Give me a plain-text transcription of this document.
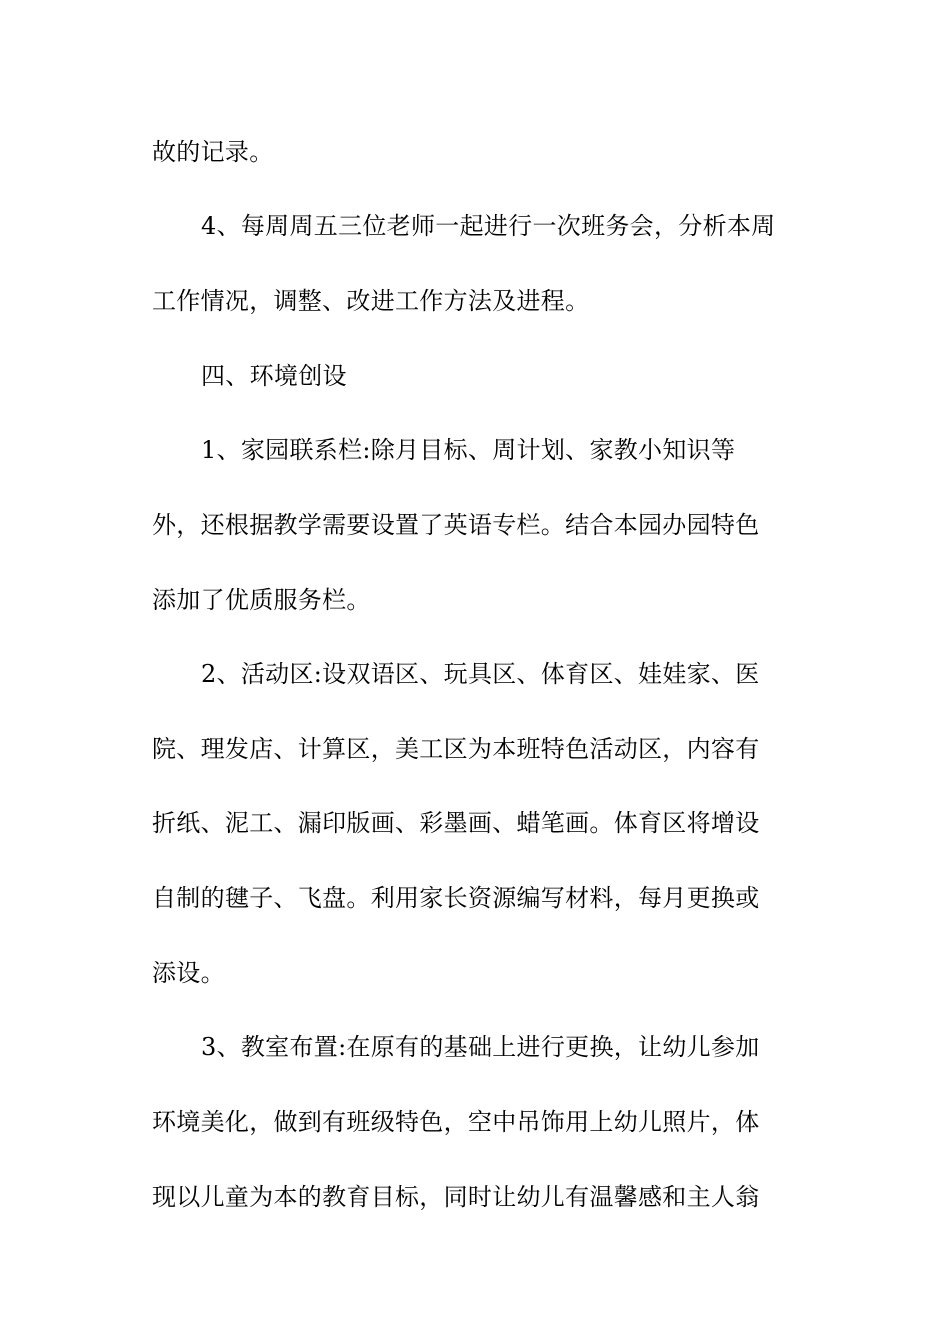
故的记录。
4、每周周五三位老师一起进行一次班务会，分析本周
工作情况，调整、改进工作方法及进程。
四、环境创设
1、家园联系栏:除月目标、周计划、家教小知识等
外，还根据教学需要设置了英语专栏。结合本园办园特色
添加了优质服务栏。
2、活动区:设双语区、玩具区、体育区、娃娃家、医
院、理发店、计算区，美工区为本班特色活动区，内容有
折纸、泥工、漏印版画、彩墨画、蜡笔画。体育区将增设
自制的毽子、飞盘。利用家长资源编写材料，每月更换或
添设。
3、教室布置:在原有的基础上进行更换，让幼儿参加
环境美化，做到有班级特色，空中吊饰用上幼儿照片，体
现以儿童为本的教育目标，同时让幼儿有温馨感和主人翁
